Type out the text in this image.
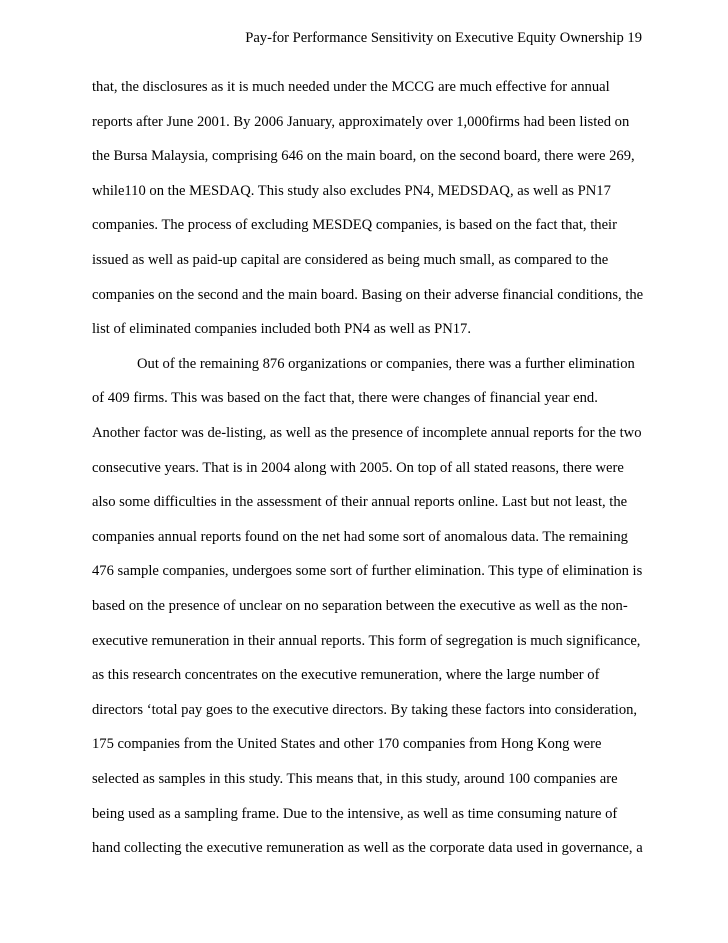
Pay-for Performance Sensitivity on Executive Equity Ownership 19
that, the disclosures as it is much needed under the MCCG are much effective for annual
reports after June 2001. By 2006 January, approximately over 1,000firms had been listed on
the Bursa Malaysia, comprising 646 on the main board, on the second board, there were 269,
while110 on the MESDAQ. This study also excludes PN4, MEDSDAQ, as well as PN17
companies. The process of excluding MESDEQ companies, is based on the fact that, their
issued as well as paid-up capital are considered as being much small, as compared to the
companies on the second and the main board. Basing on their adverse financial conditions, the
list of eliminated companies included both PN4 as well as PN17.
Out of the remaining 876 organizations or companies, there was a further elimination
of 409 firms. This was based on the fact that, there were changes of financial year end.
Another factor was de-listing, as well as the presence of incomplete annual reports for the two
consecutive years. That is in 2004 along with 2005. On top of all stated reasons, there were
also some difficulties in the assessment of their annual reports online. Last but not least, the
companies annual reports found on the net had some sort of anomalous data. The remaining
476 sample companies, undergoes some sort of further elimination. This type of elimination is
based on the presence of unclear on no separation between the executive as well as the non-
executive remuneration in their annual reports. This form of segregation is much significance,
as this research concentrates on the executive remuneration, where the large number of
directors ‘total pay goes to the executive directors. By taking these factors into consideration,
175 companies from the United States and other 170 companies from Hong Kong were
selected as samples in this study. This means that, in this study, around 100 companies are
being used as a sampling frame. Due to the intensive, as well as time consuming nature of
hand collecting the executive remuneration as well as the corporate data used in governance, a
